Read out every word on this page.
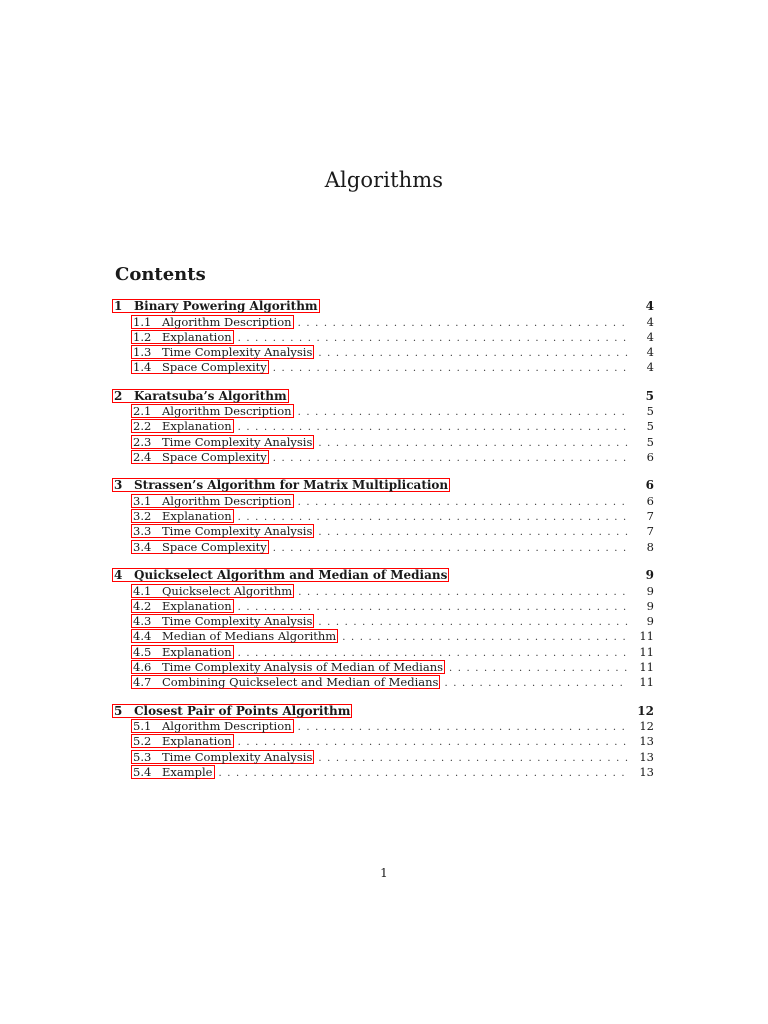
Algorithms
Contents
1 Binary Powering Algorithm	4
1.1 Algorithm Description . . .	4
1.2 Explanation . . .	4
1.3 Time Complexity Analysis . . .	4
1.4 Space Complexity . . .	4
2 Karatsuba’s Algorithm	5
2.1 Algorithm Description . . .	5
2.2 Explanation . . .	5
2.3 Time Complexity Analysis . . .	5
2.4 Space Complexity . . .	6
3 Strassen’s Algorithm for Matrix Multiplication	6
3.1 Algorithm Description . . .	6
3.2 Explanation . . .	7
3.3 Time Complexity Analysis . . .	7
3.4 Space Complexity . . .	8
4 Quickselect Algorithm and Median of Medians	9
4.1 Quickselect Algorithm . . .	9
4.2 Explanation . . .	9
4.3 Time Complexity Analysis . . .	9
4.4 Median of Medians Algorithm . . .	11
4.5 Explanation . . .	11
4.6 Time Complexity Analysis of Median of Medians . . .	11
4.7 Combining Quickselect and Median of Medians . . .	11
5 Closest Pair of Points Algorithm	12
5.1 Algorithm Description . . .	12
5.2 Explanation . . .	13
5.3 Time Complexity Analysis . . .	13
5.4 Example . . .	13
1
